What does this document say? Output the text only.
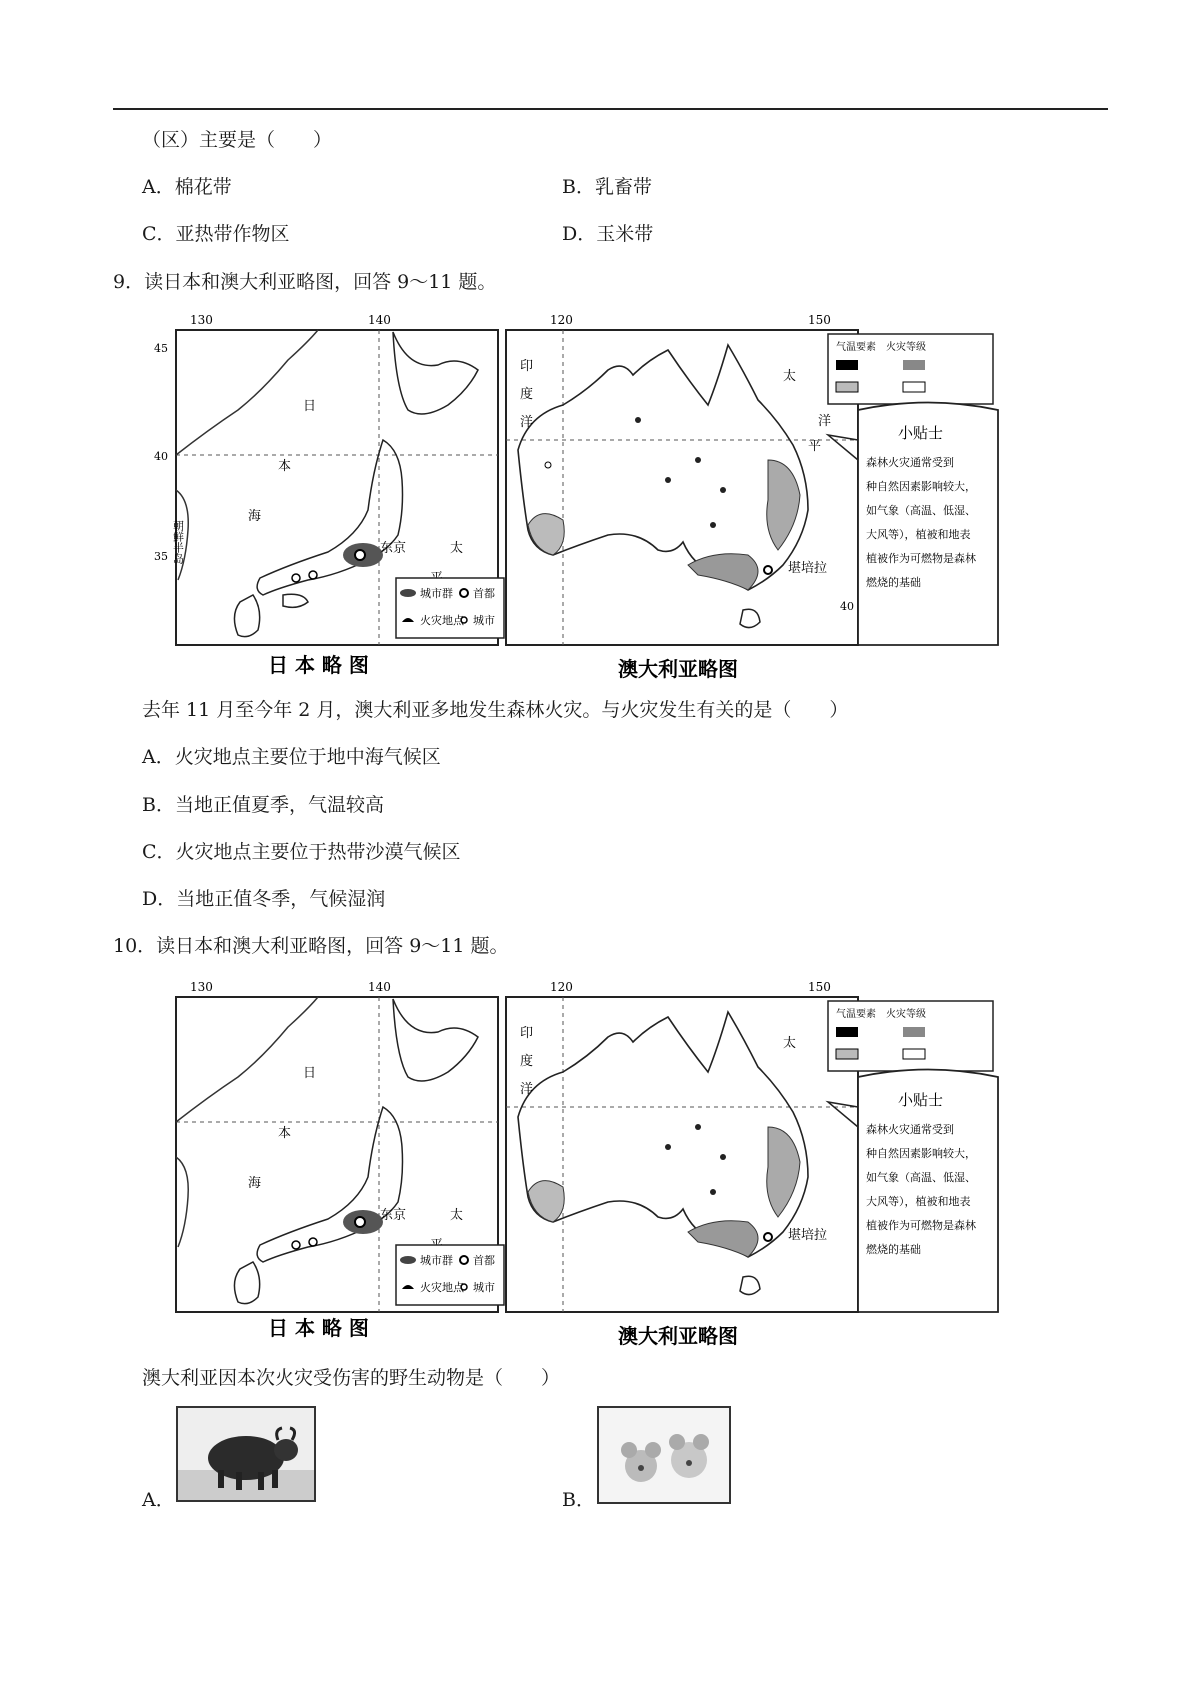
（区）主要是（　　）
A．棉花带	B．乳畜带
C．亚热带作物区	D．玉米带
9．读日本和澳大利亚略图，回答 9～11 题。
130	140
45
40
35
日
本
海
朝鲜半岛	东京	太
城市群 首都
火灾地点 城市
120	150
40
印
度
洋
太
平
洋
堪培拉
气温要素　火灾等级
小贴士
森林火灾通常受到
种自然因素影响较大，
如气象（高温、低湿、
大风等），植被和地表
植被作为可燃物是森林
燃烧的基础
日 本 略 图	澳大利亚略图
去年 11 月至今年 2 月，澳大利亚多地发生森林火灾。与火灾发生有关的是（　　）
A．火灾地点主要位于地中海气候区
B．当地正值夏季，气温较高
C．火灾地点主要位于热带沙漠气候区
D．当地正值冬季，气候湿润
10．读日本和澳大利亚略图，回答 9～11 题。
130	140
日
本
海
东京	太
城市群 首都
火灾地点 城市
120	150
印
度
洋
太
堪培拉
气温要素　火灾等级
小贴士
森林火灾通常受到
种自然因素影响较大，
如气象（高温、低湿、
大风等），植被和地表
植被作为可燃物是森林
燃烧的基础
日 本 略 图	澳大利亚略图
澳大利亚因本次火灾受伤害的野生动物是（　　）
A．	B．
